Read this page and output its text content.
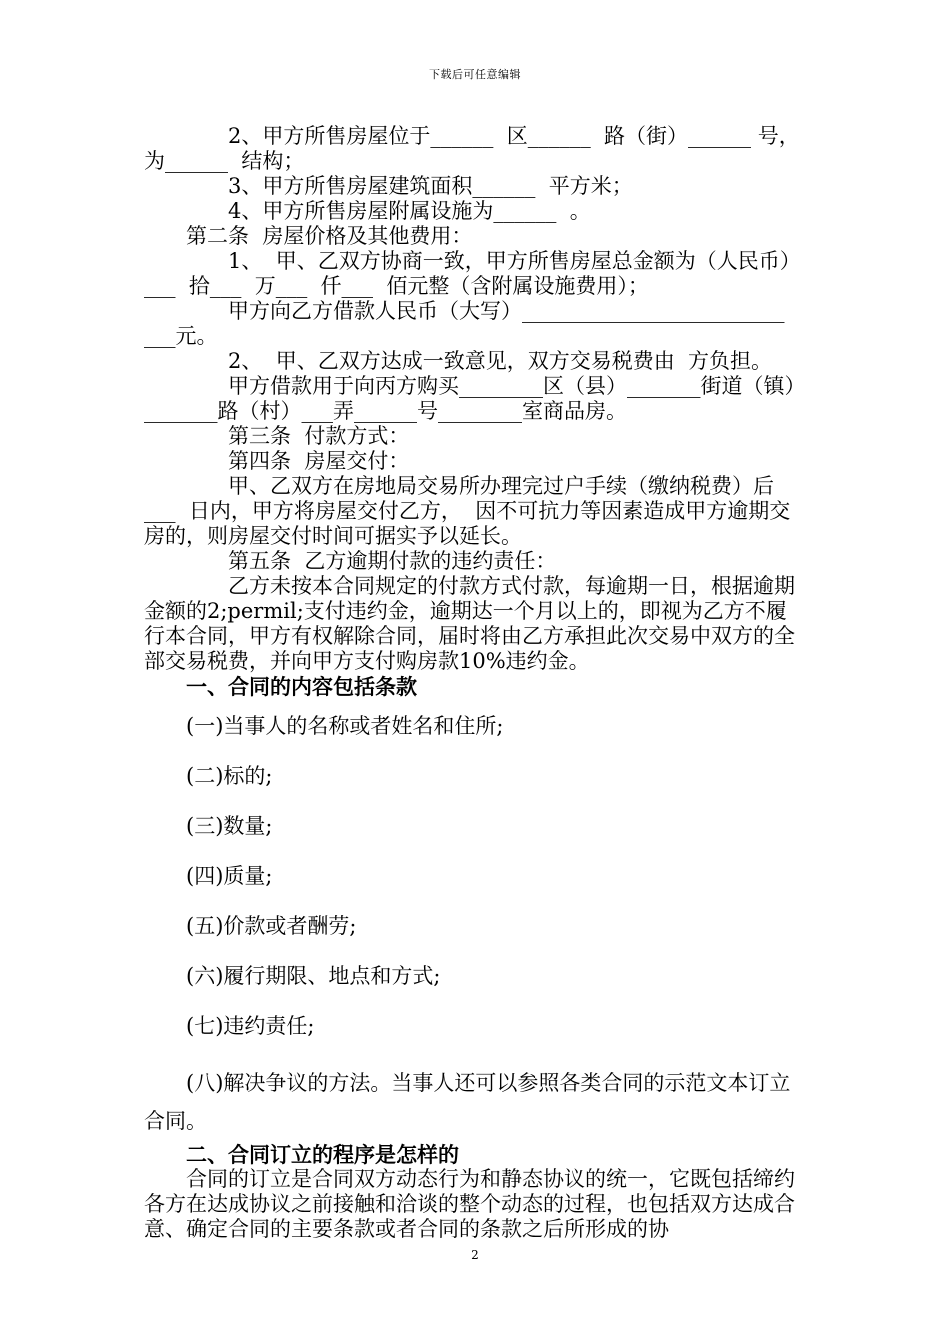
下载后可任意编辑

2、甲方所售房屋位于______  区______  路（街）______ 号，为______  结构；

3、甲方所售房屋建筑面积______  平方米；

4、甲方所售房屋附属设施为______  。

第二条  房屋价格及其他费用：

1、  甲、乙双方协商一致，甲方所售房屋总金额为（人民币）___  拾___  万___  仟___  佰元整（含附属设施费用）；

甲方向乙方借款人民币（大写）_________________________ ___元。

2、  甲、乙双方达成一致意见，双方交易税费由  方负担。

甲方借款用于向丙方购买________区（县）_______街道（镇）_______路（村）___弄______号________室商品房。

第三条  付款方式：

第四条  房屋交付：

甲、乙双方在房地局交易所办理完过户手续（缴纳税费）后  ___  日内，甲方将房屋交付乙方，  因不可抗力等因素造成甲方逾期交房的，则房屋交付时间可据实予以延长。

第五条  乙方逾期付款的违约责任：

乙方未按本合同规定的付款方式付款，每逾期一日，根据逾期金额的2;permil;支付违约金，逾期达一个月以上的，即视为乙方不履行本合同，甲方有权解除合同，届时将由乙方承担此次交易中双方的全部交易税费，并向甲方支付购房款10%违约金。

一、合同的内容包括条款

(一)当事人的名称或者姓名和住所;

(二)标的;

(三)数量;

(四)质量;

(五)价款或者酬劳;

(六)履行期限、地点和方式;

(七)违约责任;

(八)解决争议的方法。当事人还可以参照各类合同的示范文本订立合同。

二、合同订立的程序是怎样的

合同的订立是合同双方动态行为和静态协议的统一，它既包括缔约各方在达成协议之前接触和洽谈的整个动态的过程，也包括双方达成合意、确定合同的主要条款或者合同的条款之后所形成的协

2
